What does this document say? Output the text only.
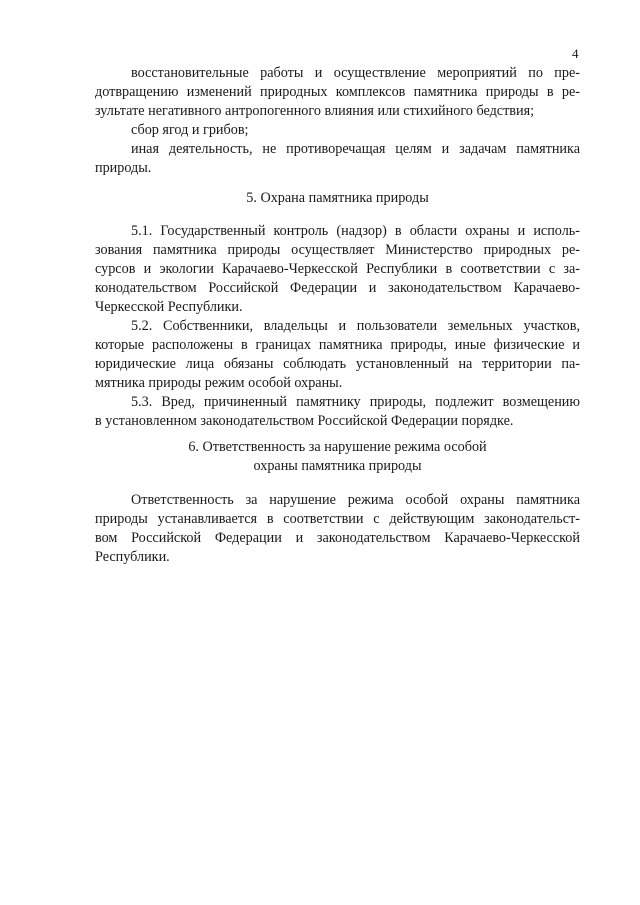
4
восстановительные работы и осуществление мероприятий по пре-
дотвращению изменений природных комплексов памятника природы в ре-
зультате негативного антропогенного влияния или стихийного бедствия;
сбор ягод и грибов;
иная деятельность, не противоречащая целям и задачам памятника
природы.
5. Охрана памятника природы
5.1. Государственный контроль (надзор) в области охраны и исполь-
зования памятника природы осуществляет Министерство природных ре-
сурсов и экологии Карачаево-Черкесской Республики в соответствии с за-
конодательством Российской Федерации и законодательством Карачаево-
Черкесской Республики.
5.2. Собственники, владельцы и пользователи земельных участков,
которые расположены в границах памятника природы, иные физические и
юридические лица обязаны соблюдать установленный на территории па-
мятника природы режим особой охраны.
5.3. Вред, причиненный памятнику природы, подлежит возмещению
в установленном законодательством Российской Федерации порядке.
6. Ответственность за нарушение режима особой
охраны памятника природы
Ответственность за нарушение режима особой охраны памятника
природы устанавливается в соответствии с действующим законодательст-
вом Российской Федерации и законодательством Карачаево-Черкесской
Республики.
